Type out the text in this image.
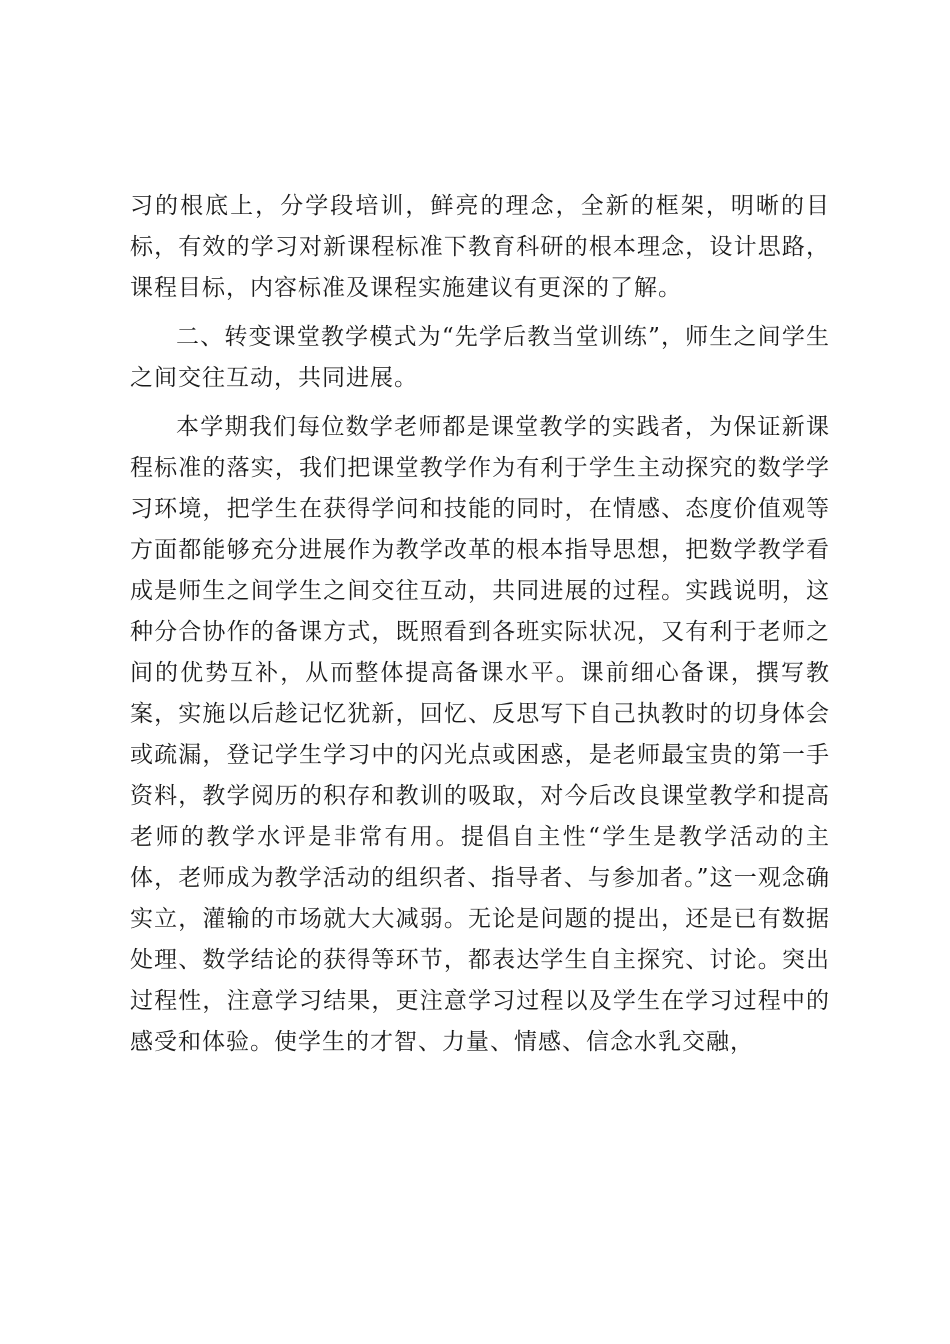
习的根底上，分学段培训，鲜亮的理念，全新的框架，明晰的目标，有效的学习对新课程标准下教育科研的根本理念，设计思路，课程目标，内容标准及课程实施建议有更深的了解。

二、转变课堂教学模式为“先学后教当堂训练”，师生之间学生之间交往互动，共同进展。

本学期我们每位数学老师都是课堂教学的实践者，为保证新课程标准的落实，我们把课堂教学作为有利于学生主动探究的数学学习环境，把学生在获得学问和技能的同时，在情感、态度价值观等方面都能够充分进展作为教学改革的根本指导思想，把数学教学看成是师生之间学生之间交往互动，共同进展的过程。实践说明，这种分合协作的备课方式，既照看到各班实际状况，又有利于老师之间的优势互补，从而整体提高备课水平。课前细心备课，撰写教案，实施以后趁记忆犹新，回忆、反思写下自己执教时的切身体会或疏漏，登记学生学习中的闪光点或困惑，是老师最宝贵的第一手资料，教学阅历的积存和教训的吸取，对今后改良课堂教学和提高老师的教学水评是非常有用。提倡自主性“学生是教学活动的主体，老师成为教学活动的组织者、指导者、与参加者。”这一观念确实立，灌输的市场就大大减弱。无论是问题的提出，还是已有数据处理、数学结论的获得等环节，都表达学生自主探究、讨论。突出过程性，注意学习结果，更注意学习过程以及学生在学习过程中的感受和体验。使学生的才智、力量、情感、信念水乳交融，
